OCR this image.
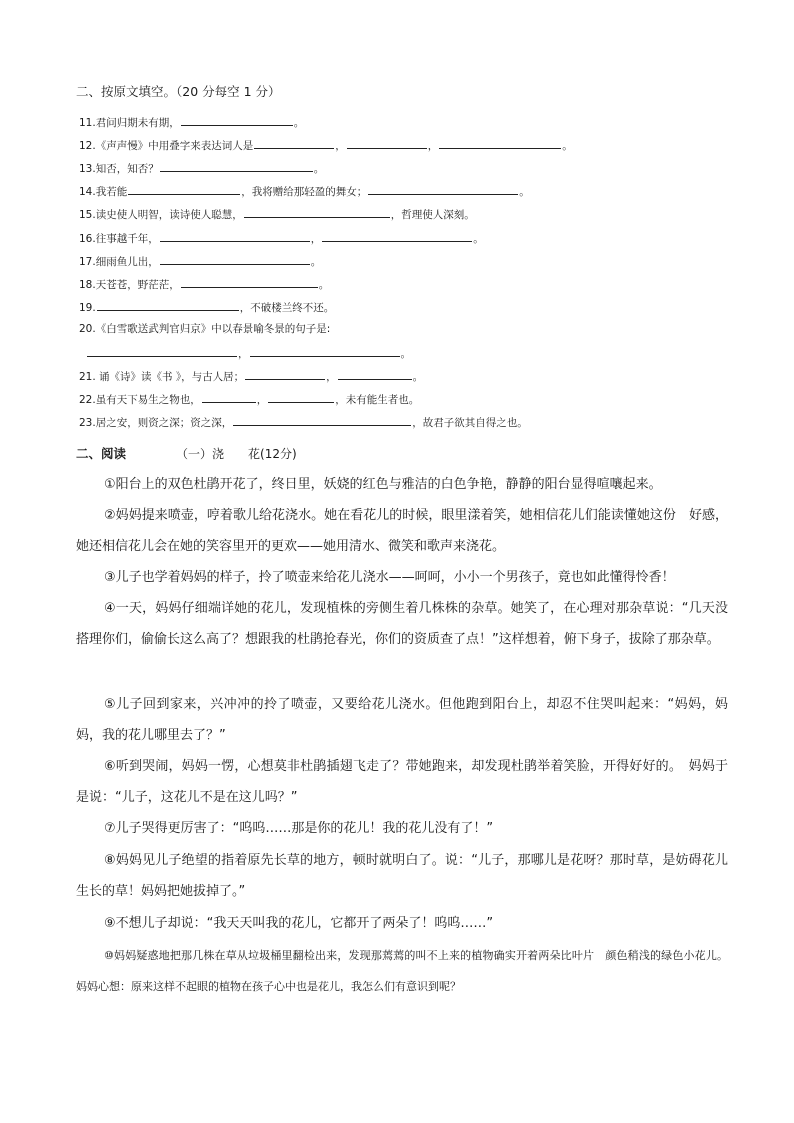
二、按原文填空。（20 分每空 1 分）
11.君问归期未有期，	。
12.《声声慢》中用叠字来表达词人是	，	，	。
13.知否，知否？	。
14.我若能	，我将赠给那轻盈的舞女；	。
15.读史使人明智，读诗使人聪慧，	，哲理使人深刻。
16.往事越千年，	，	。
17.细雨鱼儿出，	。
18.天苍苍，野茫茫，	。
19.	，不破楼兰终不还。
20.《白雪歌送武判官归京》中以春景喻冬景的句子是:
，	。
21. 诵《诗》读《书 》，与古人居；	，	。
22.虽有天下易生之物也，	，	，未有能生者也。
23.居之安，则资之深；资之深，	，故君子欲其自得之也。
二、阅读	（一）浇　　花(12分)
①阳台上的双色杜鹃开花了，终日里，妖娆的红色与雅洁的白色争艳，静静的阳台显得喧嚷起来。
②妈妈提来喷壶，哼着歌儿给花浇水。她在看花儿的时候，眼里漾着笑，她相信花儿们能读懂她这份　好感，她还相信花儿会在她的笑容里开的更欢——她用清水、微笑和歌声来浇花。
③儿子也学着妈妈的样子，拎了喷壶来给花儿浇水——呵呵，小小一个男孩子，竟也如此懂得怜香！
④一天，妈妈仔细端详她的花儿，发现植株的旁侧生着几株株的杂草。她笑了，在心理对那杂草说：“几天没搭理你们，偷偷长这么高了？想跟我的杜鹃抢春光，你们的资质查了点！”这样想着，俯下身子，拔除了那杂草。
⑤儿子回到家来，兴冲冲的拎了喷壶，又要给花儿浇水。但他跑到阳台上，却忍不住哭叫起来：“妈妈，妈妈，我的花儿哪里去了？”
⑥听到哭闹，妈妈一愣，心想莫非杜鹃插翅飞走了？带她跑来，却发现杜鹃举着笑脸，开得好好的。　妈妈于是说：“儿子，这花儿不是在这儿吗？”
⑦儿子哭得更厉害了：“呜呜……那是你的花儿！我的花儿没有了！”
⑧妈妈见儿子绝望的指着原先长草的地方，顿时就明白了。说：“儿子，那哪儿是花呀？那时草，是妨碍花儿生长的草！妈妈把她拔掉了。”
⑨不想儿子却说：“我天天叫我的花儿，它都开了两朵了！呜呜……”
⑩妈妈疑惑地把那几株在草从垃圾桶里翻检出来，发现那蔫蔫的叫不上来的植物确实开着两朵比叶片　颜色稍浅的绿色小花儿。妈妈心想：原来这样不起眼的植物在孩子心中也是花儿，我怎么们有意识到呢？
